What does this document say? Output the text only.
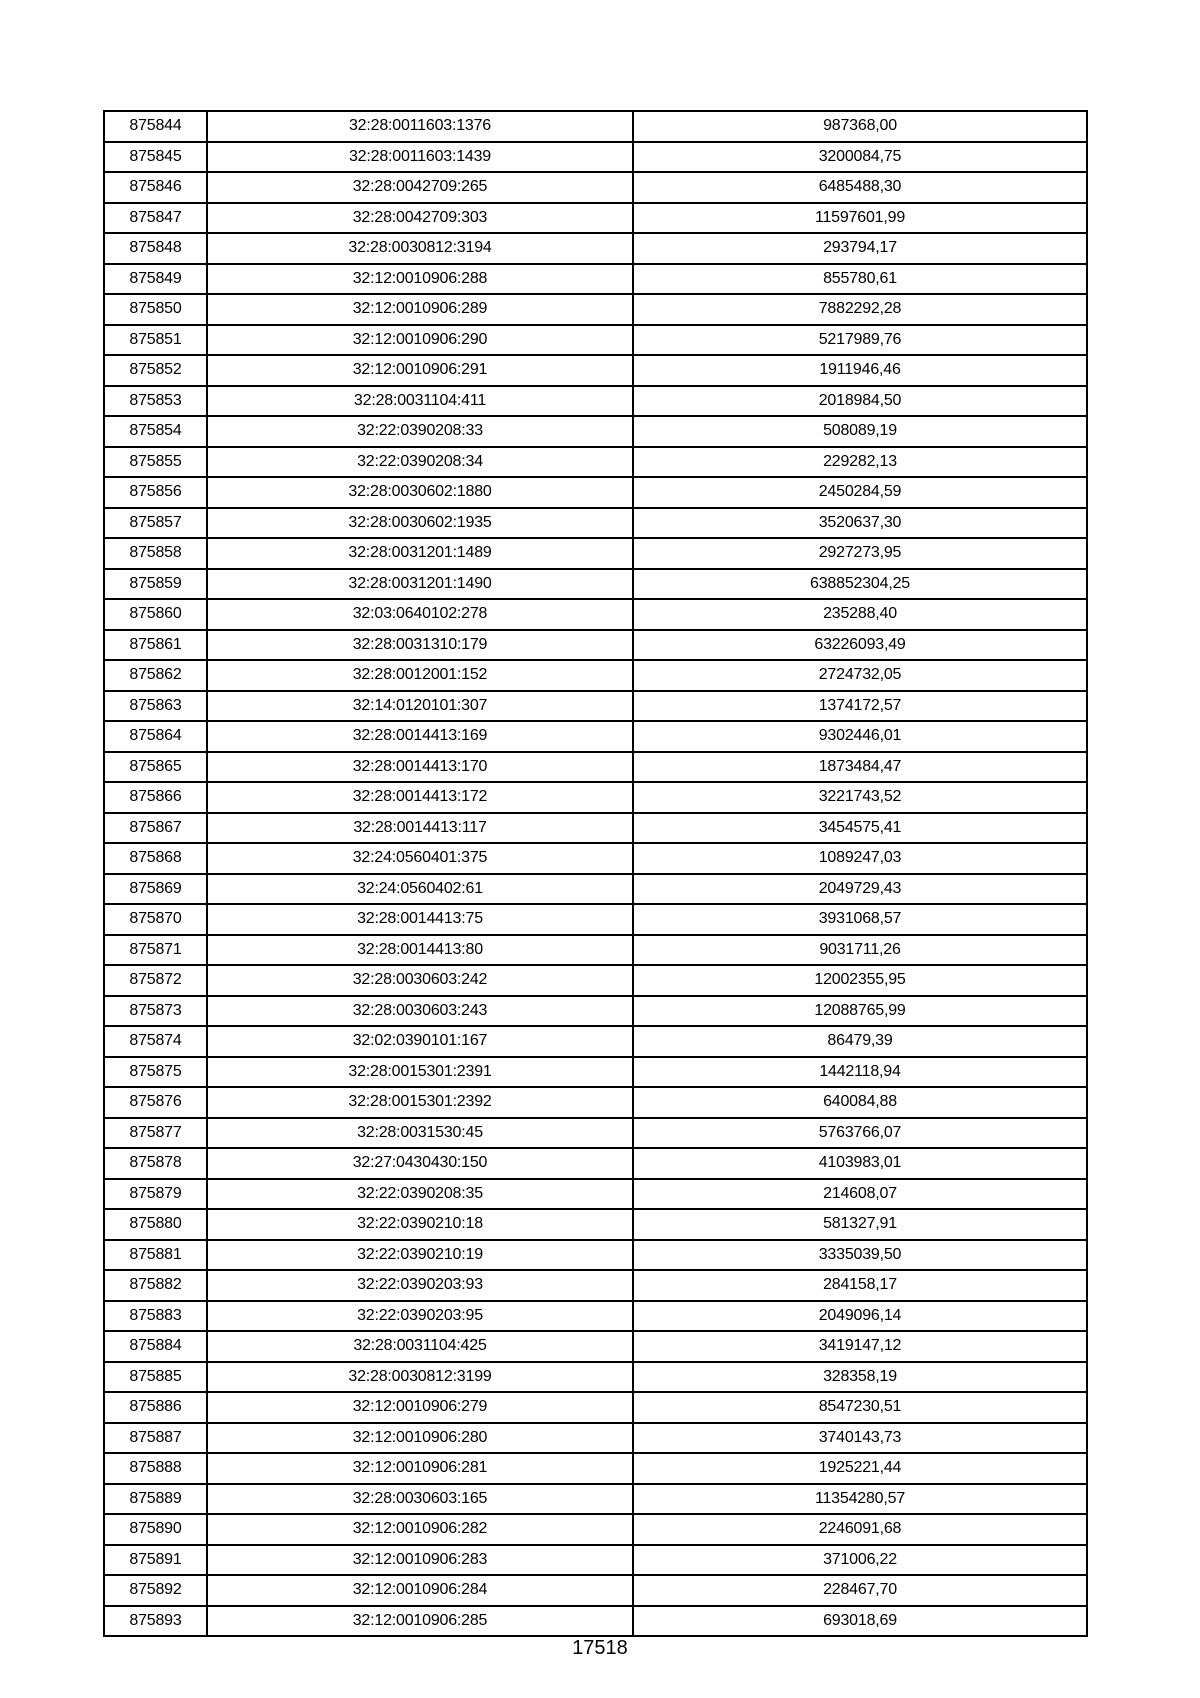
875844	32:28:0011603:1376	987368,00
875845	32:28:0011603:1439	3200084,75
875846	32:28:0042709:265	6485488,30
875847	32:28:0042709:303	11597601,99
875848	32:28:0030812:3194	293794,17
875849	32:12:0010906:288	855780,61
875850	32:12:0010906:289	7882292,28
875851	32:12:0010906:290	5217989,76
875852	32:12:0010906:291	1911946,46
875853	32:28:0031104:411	2018984,50
875854	32:22:0390208:33	508089,19
875855	32:22:0390208:34	229282,13
875856	32:28:0030602:1880	2450284,59
875857	32:28:0030602:1935	3520637,30
875858	32:28:0031201:1489	2927273,95
875859	32:28:0031201:1490	638852304,25
875860	32:03:0640102:278	235288,40
875861	32:28:0031310:179	63226093,49
875862	32:28:0012001:152	2724732,05
875863	32:14:0120101:307	1374172,57
875864	32:28:0014413:169	9302446,01
875865	32:28:0014413:170	1873484,47
875866	32:28:0014413:172	3221743,52
875867	32:28:0014413:117	3454575,41
875868	32:24:0560401:375	1089247,03
875869	32:24:0560402:61	2049729,43
875870	32:28:0014413:75	3931068,57
875871	32:28:0014413:80	9031711,26
875872	32:28:0030603:242	12002355,95
875873	32:28:0030603:243	12088765,99
875874	32:02:0390101:167	86479,39
875875	32:28:0015301:2391	1442118,94
875876	32:28:0015301:2392	640084,88
875877	32:28:0031530:45	5763766,07
875878	32:27:0430430:150	4103983,01
875879	32:22:0390208:35	214608,07
875880	32:22:0390210:18	581327,91
875881	32:22:0390210:19	3335039,50
875882	32:22:0390203:93	284158,17
875883	32:22:0390203:95	2049096,14
875884	32:28:0031104:425	3419147,12
875885	32:28:0030812:3199	328358,19
875886	32:12:0010906:279	8547230,51
875887	32:12:0010906:280	3740143,73
875888	32:12:0010906:281	1925221,44
875889	32:28:0030603:165	11354280,57
875890	32:12:0010906:282	2246091,68
875891	32:12:0010906:283	371006,22
875892	32:12:0010906:284	228467,70
875893	32:12:0010906:285	693018,69
17518
